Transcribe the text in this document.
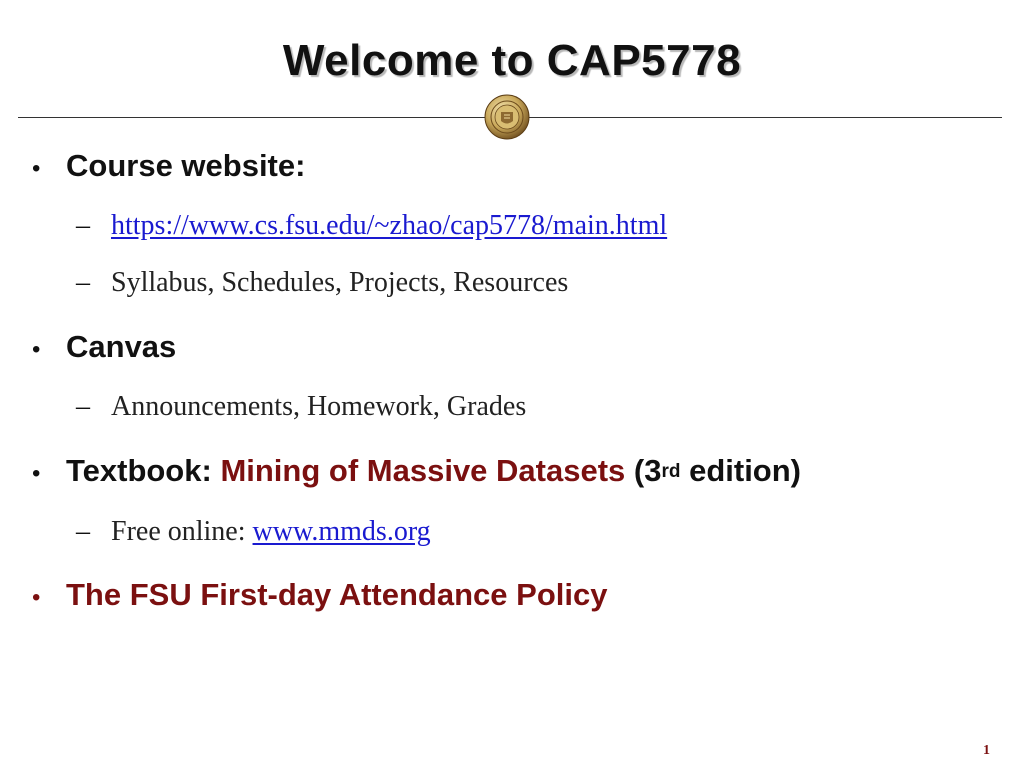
Welcome to CAP5778
• Course website:
– https://www.cs.fsu.edu/~zhao/cap5778/main.html
– Syllabus, Schedules, Projects, Resources
• Canvas
– Announcements, Homework, Grades
• Textbook: Mining of Massive Datasets (3rd edition)
– Free online: www.mmds.org
• The FSU First-day Attendance Policy
1
